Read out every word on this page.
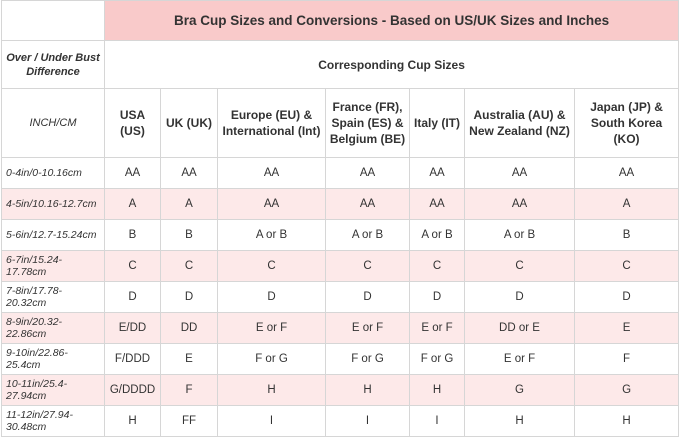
	Bra Cup Sizes and Conversions - Based on US/UK Sizes and Inches						
Over / Under Bust Difference	Corresponding Cup Sizes						
INCH/CM	USA (US)	UK (UK)	Europe (EU) & International (Int)	France (FR), Spain (ES) & Belgium (BE)	Italy (IT)	Australia (AU) & New Zealand (NZ)	Japan (JP) & South Korea (KO)
0-4in/0-10.16cm	AA	AA	AA	AA	AA	AA	AA
4-5in/10.16-12.7cm	A	A	AA	AA	AA	AA	A
5-6in/12.7-15.24cm	B	B	A or B	A or B	A or B	A or B	B
6-7in/15.24-17.78cm	C	C	C	C	C	C	C
7-8in/17.78-20.32cm	D	D	D	D	D	D	D
8-9in/20.32-22.86cm	E/DD	DD	E or F	E or F	E or F	DD or E	E
9-10in/22.86-25.4cm	F/DDD	E	F or G	F or G	F or G	E or F	F
10-11in/25.4-27.94cm	G/DDDD	F	H	H	H	G	G
11-12in/27.94-30.48cm	H	FF	I	I	I	H	H
